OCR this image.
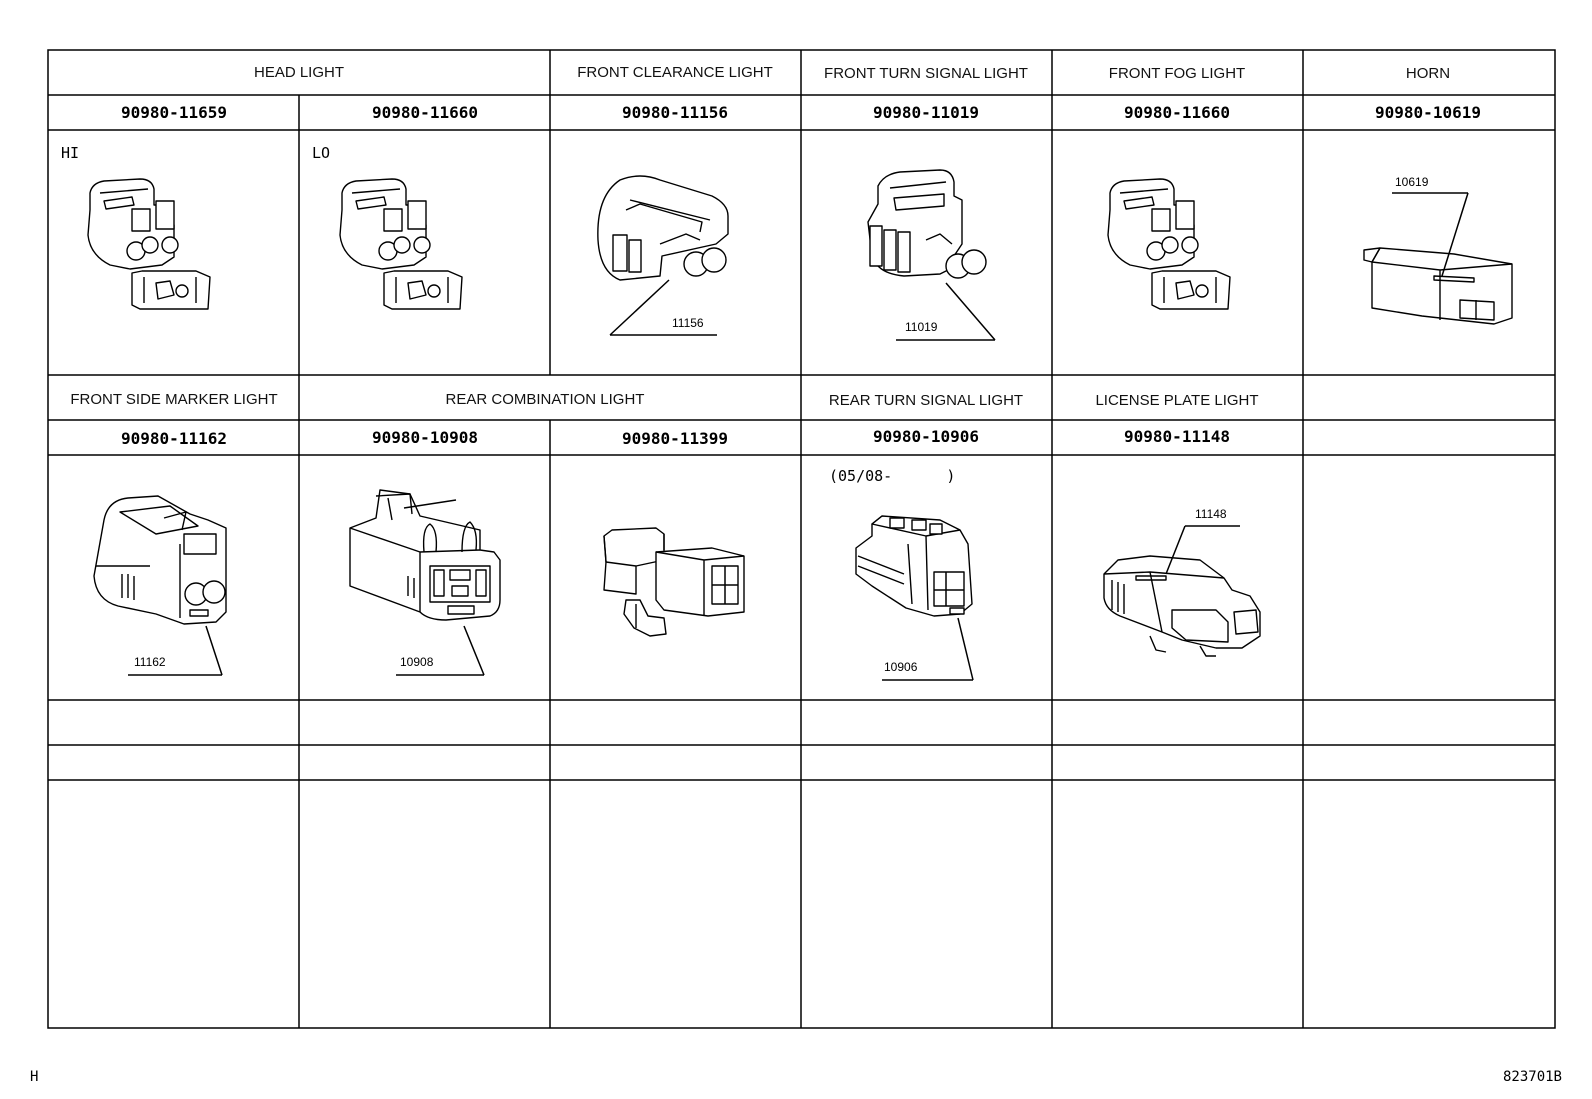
HEAD LIGHT	FRONT CLEARANCE LIGHT	FRONT TURN SIGNAL LIGHT	FRONT FOG LIGHT	HORN
90980-11659	90980-11660	90980-11156	90980-11019	90980-11660	90980-10619
HI	LO
11156	11019
10619
FRONT SIDE MARKER LIGHT	REAR COMBINATION LIGHT	REAR TURN SIGNAL LIGHT	LICENSE PLATE LIGHT
90980-11162	90980-10908	90980-11399	90980-10906	90980-11148
(05/08-      )
11162	10908	10906
11148
H	823701B
